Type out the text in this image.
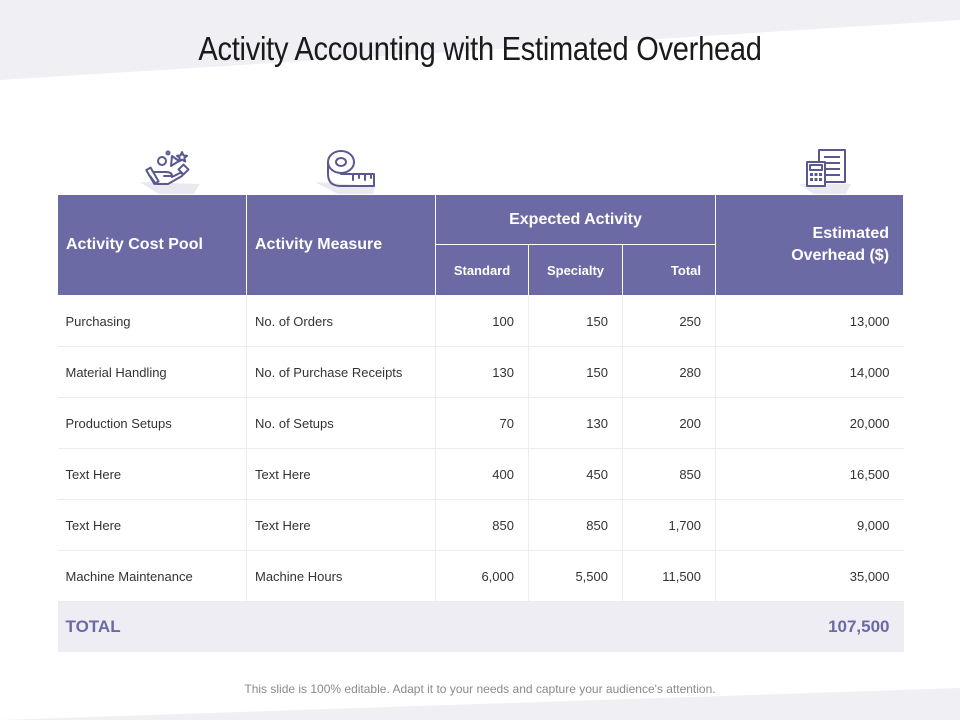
Activity Accounting with Estimated Overhead
Activity Cost Pool	Activity Measure	Expected Activity			Estimated Overhead ($)
		Standard	Specialty	Total	
Purchasing	No. of Orders	100	150	250	13,000
Material Handling	No. of Purchase Receipts	130	150	280	14,000
Production Setups	No. of Setups	70	130	200	20,000
Text Here	Text Here	400	450	850	16,500
Text Here	Text Here	850	850	1,700	9,000
Machine Maintenance	Machine Hours	6,000	5,500	11,500	35,000
TOTAL					107,500
This slide is 100% editable. Adapt it to your needs and capture your audience's attention.
